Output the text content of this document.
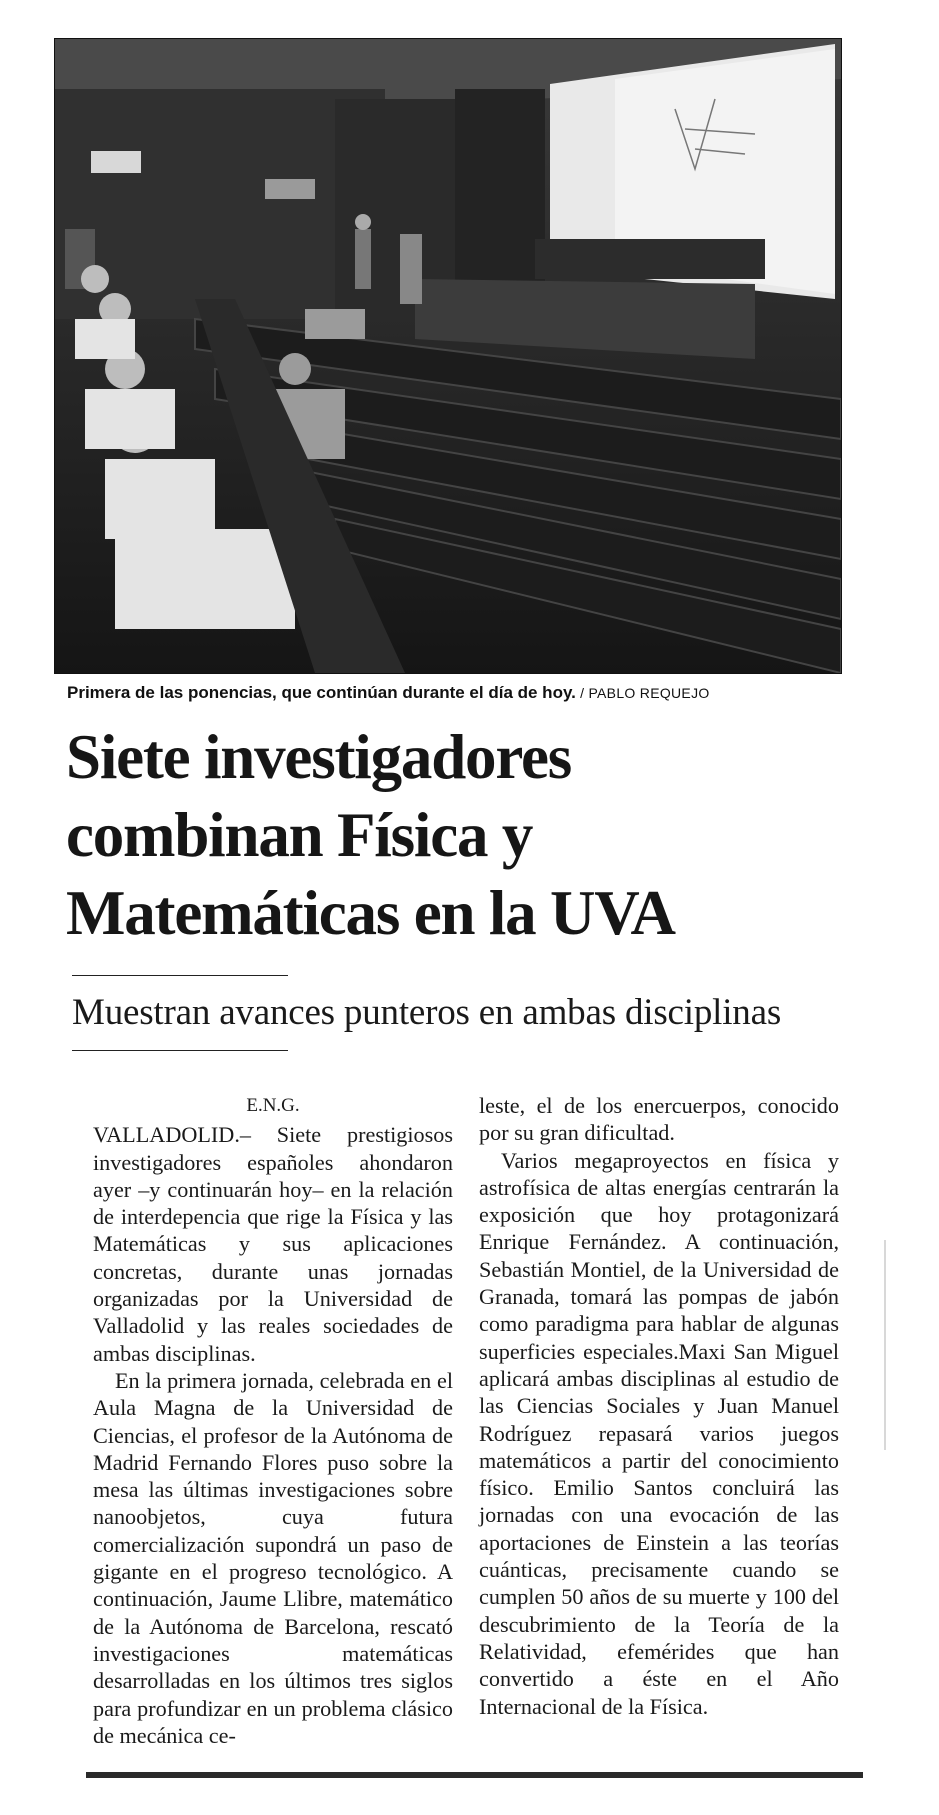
Primera de las ponencias, que continúan durante el día de hoy. / PABLO REQUEJO
Siete investigadores
combinan Física y
Matemáticas en la UVA
Muestran avances punteros en ambas disciplinas
E.N.G.

VALLADOLID.– Siete prestigiosos investigadores españoles ahondaron ayer –y continuarán hoy– en la relación de interdepencia que rige la Física y las Matemáticas y sus aplicaciones concretas, durante unas jornadas organizadas por la Universidad de Valladolid y las reales sociedades de ambas disciplinas.

En la primera jornada, celebrada en el Aula Magna de la Universidad de Ciencias, el profesor de la Autónoma de Madrid Fernando Flores puso sobre la mesa las últimas investigaciones sobre nanoobjetos, cuya futura comercialización supondrá un paso de gigante en el progreso tecnológico. A continuación, Jaume Llibre, matemático de la Autónoma de Barcelona, rescató investigaciones matemáticas desarrolladas en los últimos tres siglos para profundizar en un problema clásico de mecánica ce-

leste, el de los enercuerpos, conocido por su gran dificultad.

Varios megaproyectos en física y astrofísica de altas energías centrarán la exposición que hoy protagonizará Enrique Fernández. A continuación, Sebastián Montiel, de la Universidad de Granada, tomará las pompas de jabón como paradigma para hablar de algunas superficies especiales.Maxi San Miguel aplicará ambas disciplinas al estudio de las Ciencias Sociales y Juan Manuel Rodríguez repasará varios juegos matemáticos a partir del conocimiento físico. Emilio Santos concluirá las jornadas con una evocación de las aportaciones de Einstein a las teorías cuánticas, precisamente cuando se cumplen 50 años de su muerte y 100 del descubrimiento de la Teoría de la Relatividad, efemérides que han convertido a éste en el Año Internacional de la Física.
